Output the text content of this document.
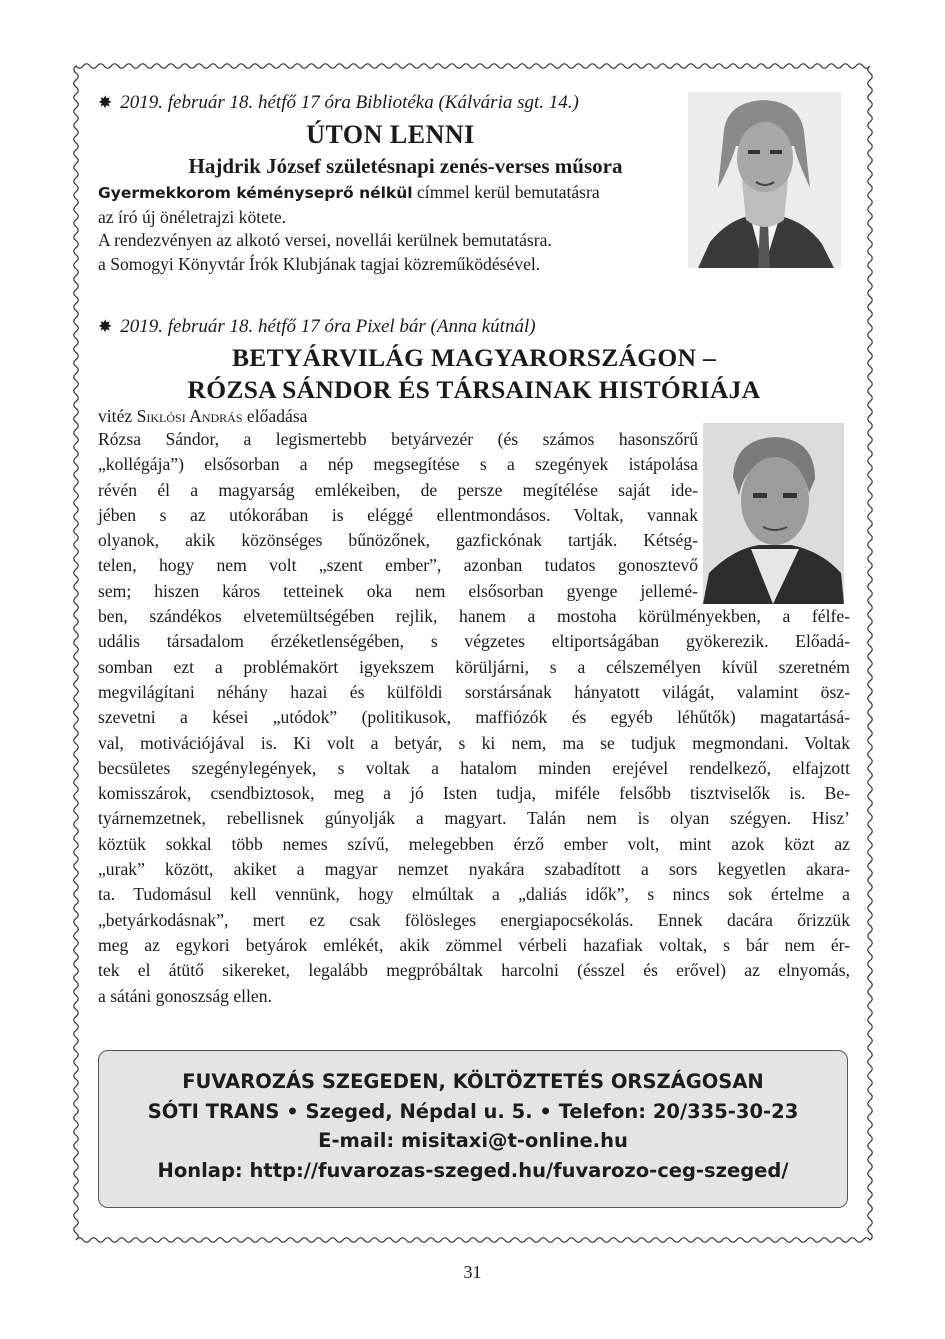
✸ 2019. február 18. hétfő 17 óra Bibliotéka (Kálvária sgt. 14.)

ÚTON LENNI
Hajdrik József születésnapi zenés-verses műsora

Gyermekkorom kéményseprő nélkül címmel kerül bemutatásra

az író új önéletrajzi kötete.

A rendezvényen az alkotó versei, novellái kerülnek bemutatásra.

a Somogyi Könyvtár Írók Klubjának tagjai közreműködésével.

✸ 2019. február 18. hétfő 17 óra Pixel bár (Anna kútnál)

BETYÁRVILÁG MAGYARORSZÁGON –
RÓZSA SÁNDOR ÉS TÁRSAINAK HISTÓRIÁJA

vitéz Siklósi András előadása

Rózsa Sándor, a legismertebb betyárvezér (és számos hasonszőrű
„kollégája”) elsősorban a nép megsegítése s a szegények istápolása
révén él a magyarság emlékeiben, de persze megítélése saját ide-
jében s az utókorában is eléggé ellentmondásos. Voltak, vannak
olyanok, akik közönséges bűnözőnek, gazfickónak tartják. Kétség-
telen, hogy nem volt „szent ember”, azonban tudatos gonosztevő
sem; hiszen káros tetteinek oka nem elsősorban gyenge jellemé-
ben, szándékos elvetemültségében rejlik, hanem a mostoha körülményekben, a félfe-
udális társadalom érzéketlenségében, s végzetes eltiportságában gyökerezik. Előadá-
somban ezt a problémakört igyekszem körüljárni, s a célszemélyen kívül szeretném
megvilágítani néhány hazai és külföldi sorstársának hányatott világát, valamint ösz-
szevetni a kései „utódok” (politikusok, maffiózók és egyéb léhűtők) magatartásá-
val, motivációjával is. Ki volt a betyár, s ki nem, ma se tudjuk megmondani. Voltak
becsületes szegénylegények, s voltak a hatalom minden erejével rendelkező, elfajzott
komisszárok, csendbiztosok, meg a jó Isten tudja, miféle felsőbb tisztviselők is. Be-
tyárnemzetnek, rebellisnek gúnyolják a magyart. Talán nem is olyan szégyen. Hisz’
köztük sokkal több nemes szívű, melegebben érző ember volt, mint azok közt az
„urak” között, akiket a magyar nemzet nyakára szabadított a sors kegyetlen akara-
ta. Tudomásul kell vennünk, hogy elmúltak a „daliás idők”, s nincs sok értelme a
„betyárkodásnak”, mert ez csak fölösleges energiapocsékolás. Ennek dacára őrizzük
meg az egykori betyárok emlékét, akik zömmel vérbeli hazafiak voltak, s bár nem ér-
tek el átütő sikereket, legalább megpróbáltak harcolni (ésszel és erővel) az elnyomás,
a sátáni gonoszság ellen.
FUVAROZÁS SZEGEDEN, KÖLTÖZTETÉS ORSZÁGOSAN
SÓTI TRANS • Szeged, Népdal u. 5. • Telefon: 20/335-30-23
E-mail: misitaxi@t-online.hu
Honlap: http://fuvarozas-szeged.hu/fuvarozo-ceg-szeged/
31
